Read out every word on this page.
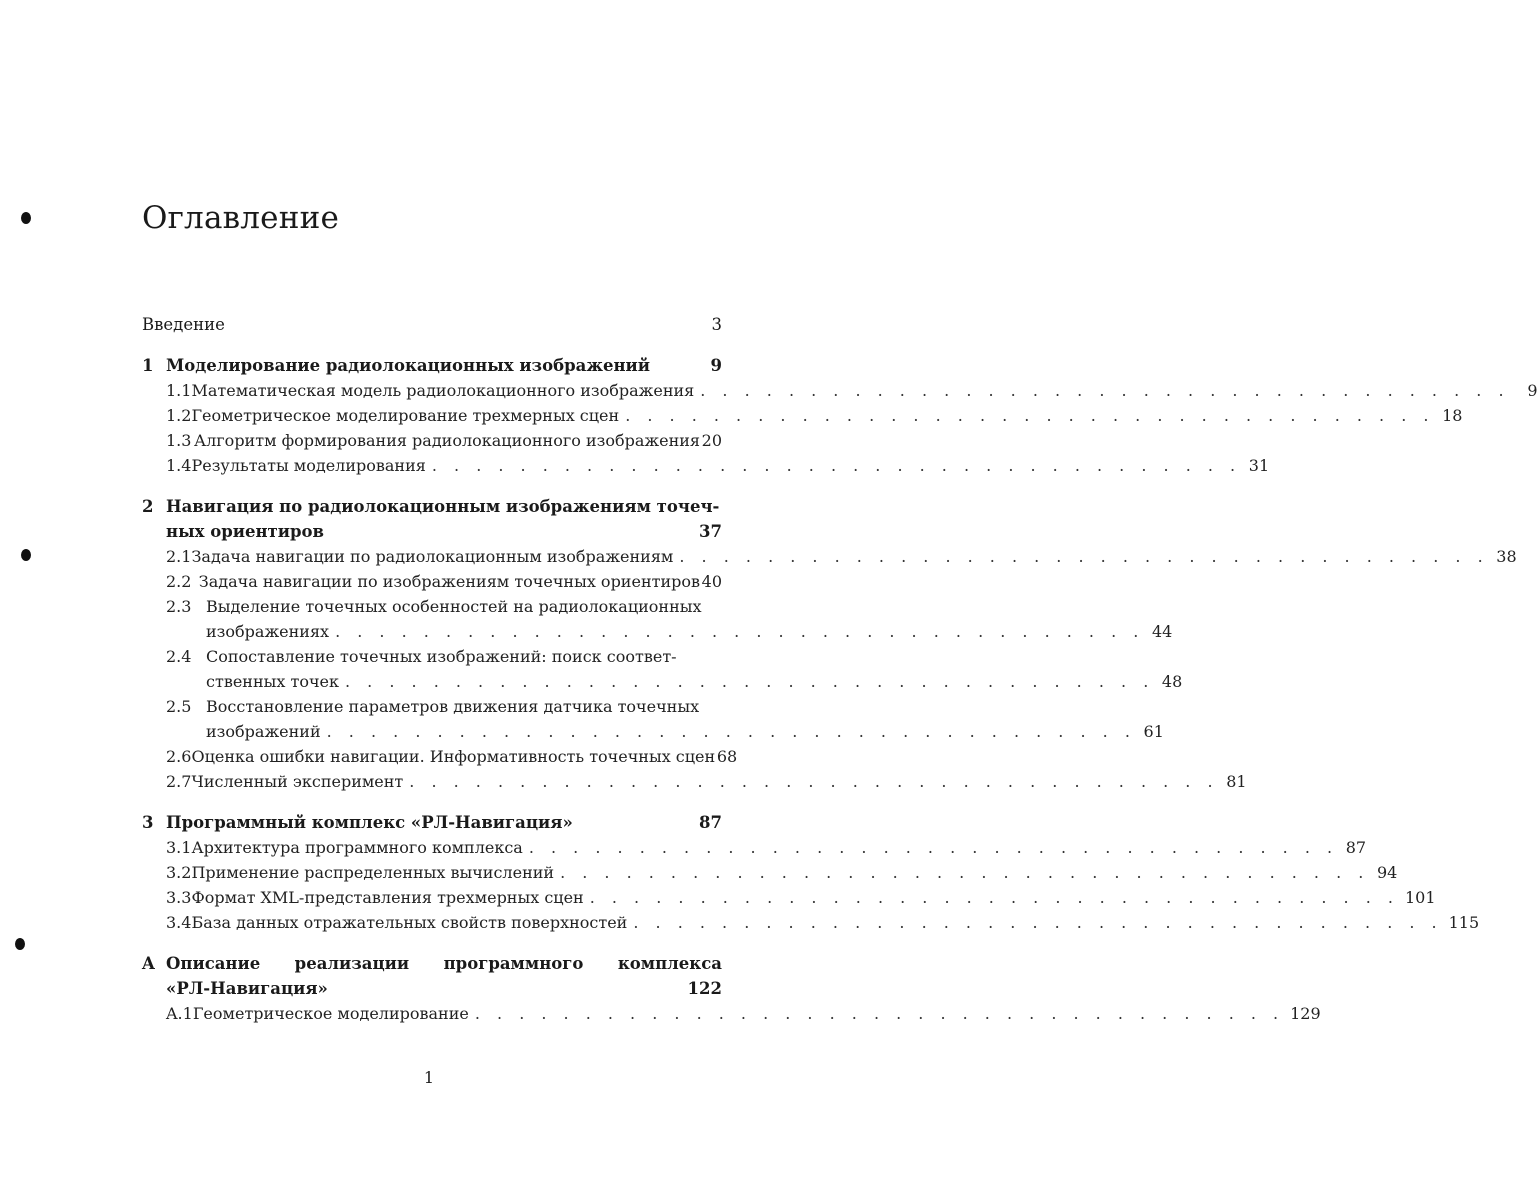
Оглавление
Введение	3
1 Моделирование радиолокационных изображений	9
1.1 Математическая модель радиолокационного изображения . . . . . . . . . . . . . . . . . . . . . . . . . . . . . . . . . . . . .	9
1.2 Геометрическое моделирование трехмерных сцен . . . . . . . . . . . . . . . . . . . . . . . . . . . . . . . . . . . . . 18
1.3 Алгоритм формирования радиолокационного изображения 20
1.4 Результаты моделирования . . . . . . . . . . . . . . . . . . . . . . . . . . . . . . . . . . . . . 31
2 Навигация по радиолокационным изображениям точеч-
ных ориентиров	37
2.1 Задача навигации по радиолокационным изображениям . . . . . . . . . . . . . . . . . . . . . . . . . . . . . . . . . . . . . 38
2.2 Задача навигации по изображениям точечных ориентиров 40
2.3 Выделение точечных особенностей на радиолокационных
изображениях . . . . . . . . . . . . . . . . . . . . . . . . . . . . . . . . . . . . . 44
2.4 Сопоставление точечных изображений: поиск соответ-
ственных точек . . . . . . . . . . . . . . . . . . . . . . . . . . . . . . . . . . . . . 48
2.5 Восстановление параметров движения датчика точечных
изображений . . . . . . . . . . . . . . . . . . . . . . . . . . . . . . . . . . . . . 61
2.6 Оценка ошибки навигации. Информативность точечных сцен 68
2.7 Численный эксперимент . . . . . . . . . . . . . . . . . . . . . . . . . . . . . . . . . . . . . 81
3 Программный комплекс «РЛ-Навигация»	87
3.1 Архитектура программного комплекса . . . . . . . . . . . . . . . . . . . . . . . . . . . . . . . . . . . . . 87
3.2 Применение распределенных вычислений . . . . . . . . . . . . . . . . . . . . . . . . . . . . . . . . . . . . . 94
3.3 Формат XML-представления трехмерных сцен . . . . . . . . . . . . . . . . . . . . . . . . . . . . . . . . . . . . . 101
3.4 База данных отражательных свойств поверхностей . . . . . . . . . . . . . . . . . . . . . . . . . . . . . . . . . . . . . 115
A Описание реализации программного комплекса
«РЛ-Навигация»	122
A.1 Геометрическое моделирование . . . . . . . . . . . . . . . . . . . . . . . . . . . . . . . . . . . . . 129
1
